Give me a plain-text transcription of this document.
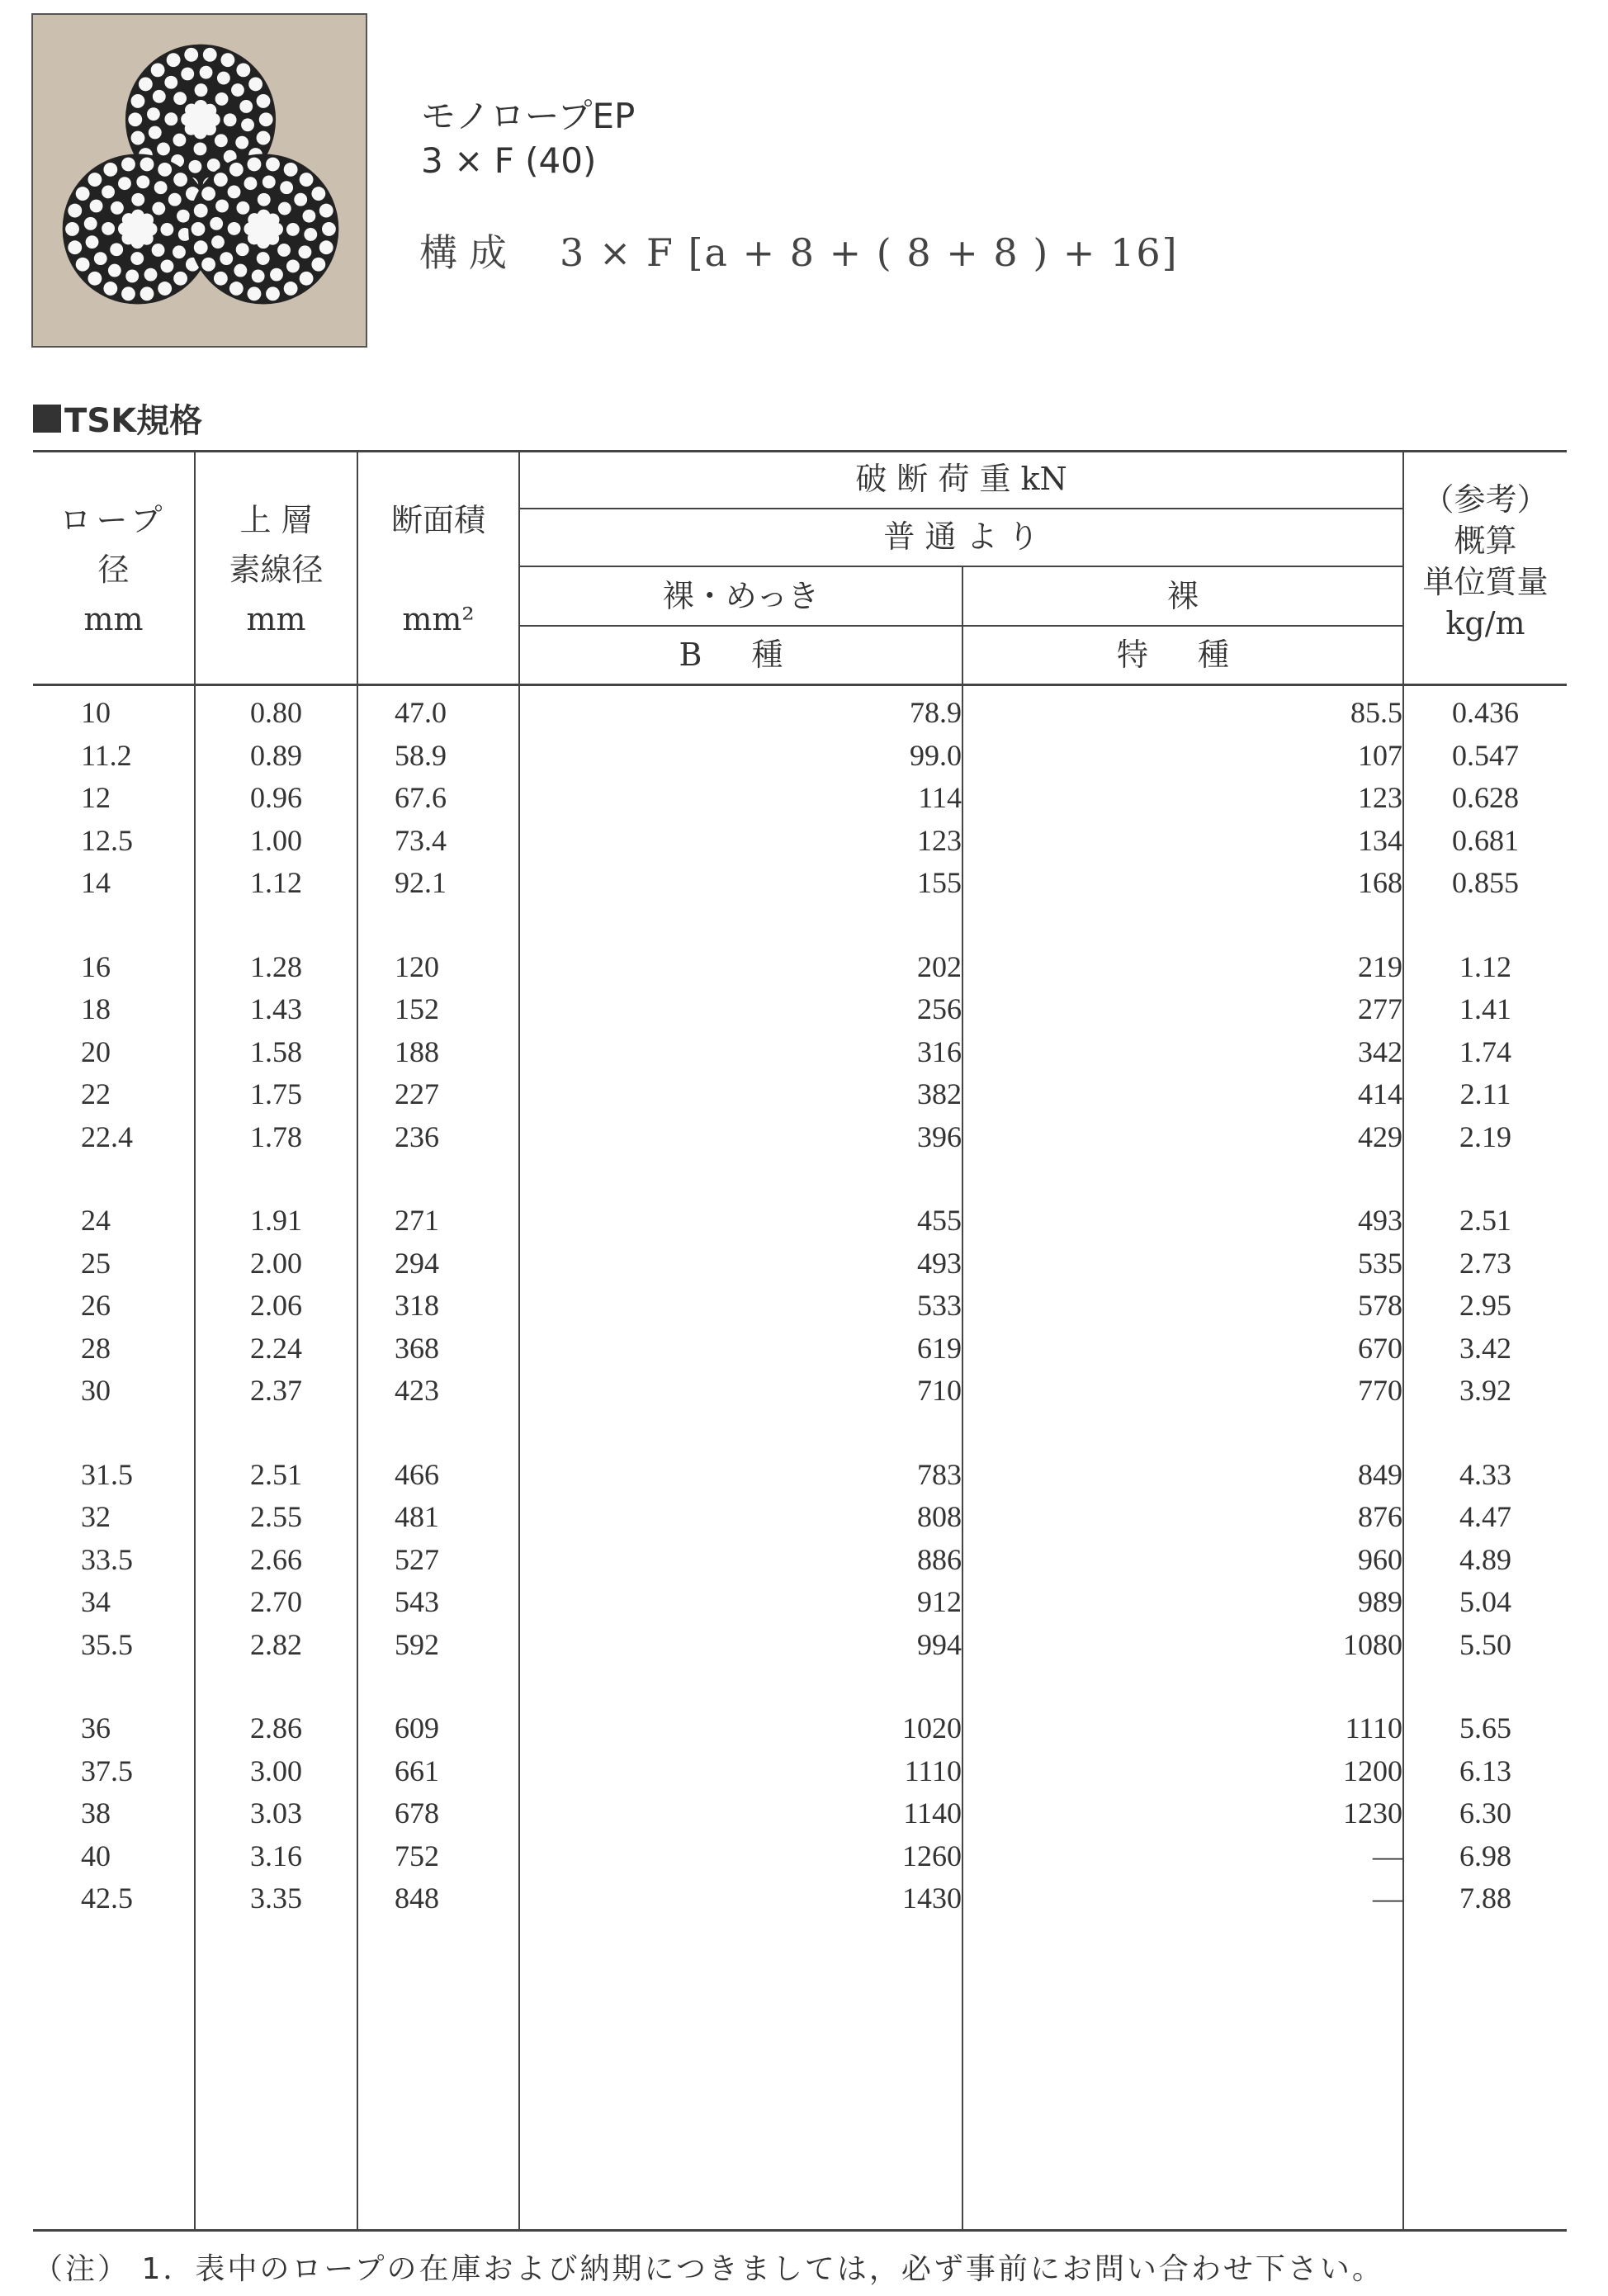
モノロープEP
3 × F (40)
構成 3 × F [a + 8 + ( 8 + 8 ) + 16]
TSK規格
ロープ
径
mm
上 層
素線径
mm
断面積
mm²
破 断 荷 重 kN
普 通 よ り
裸・めっき	裸
B 種	特 種
（参考）
概算
単位質量
kg/m
10	0.80	47.0	78.9	85.5	0.436
11.2	0.89	58.9	99.0	107	0.547
12	0.96	67.6	114	123	0.628
12.5	1.00	73.4	123	134	0.681
14	1.12	92.1	155	168	0.855
16	1.28	120	202	219	1.12
18	1.43	152	256	277	1.41
20	1.58	188	316	342	1.74
22	1.75	227	382	414	2.11
22.4	1.78	236	396	429	2.19
24	1.91	271	455	493	2.51
25	2.00	294	493	535	2.73
26	2.06	318	533	578	2.95
28	2.24	368	619	670	3.42
30	2.37	423	710	770	3.92
31.5	2.51	466	783	849	4.33
32	2.55	481	808	876	4.47
33.5	2.66	527	886	960	4.89
34	2.70	543	912	989	5.04
35.5	2.82	592	994	1080	5.50
36	2.86	609	1020	1110	5.65
37.5	3.00	661	1110	1200	6.13
38	3.03	678	1140	1230	6.30
40	3.16	752	1260	—	6.98
42.5	3.35	848	1430	—	7.88
（注） 1．表中のロープの在庫および納期につきましては，必ず事前にお問い合わせ下さい。
